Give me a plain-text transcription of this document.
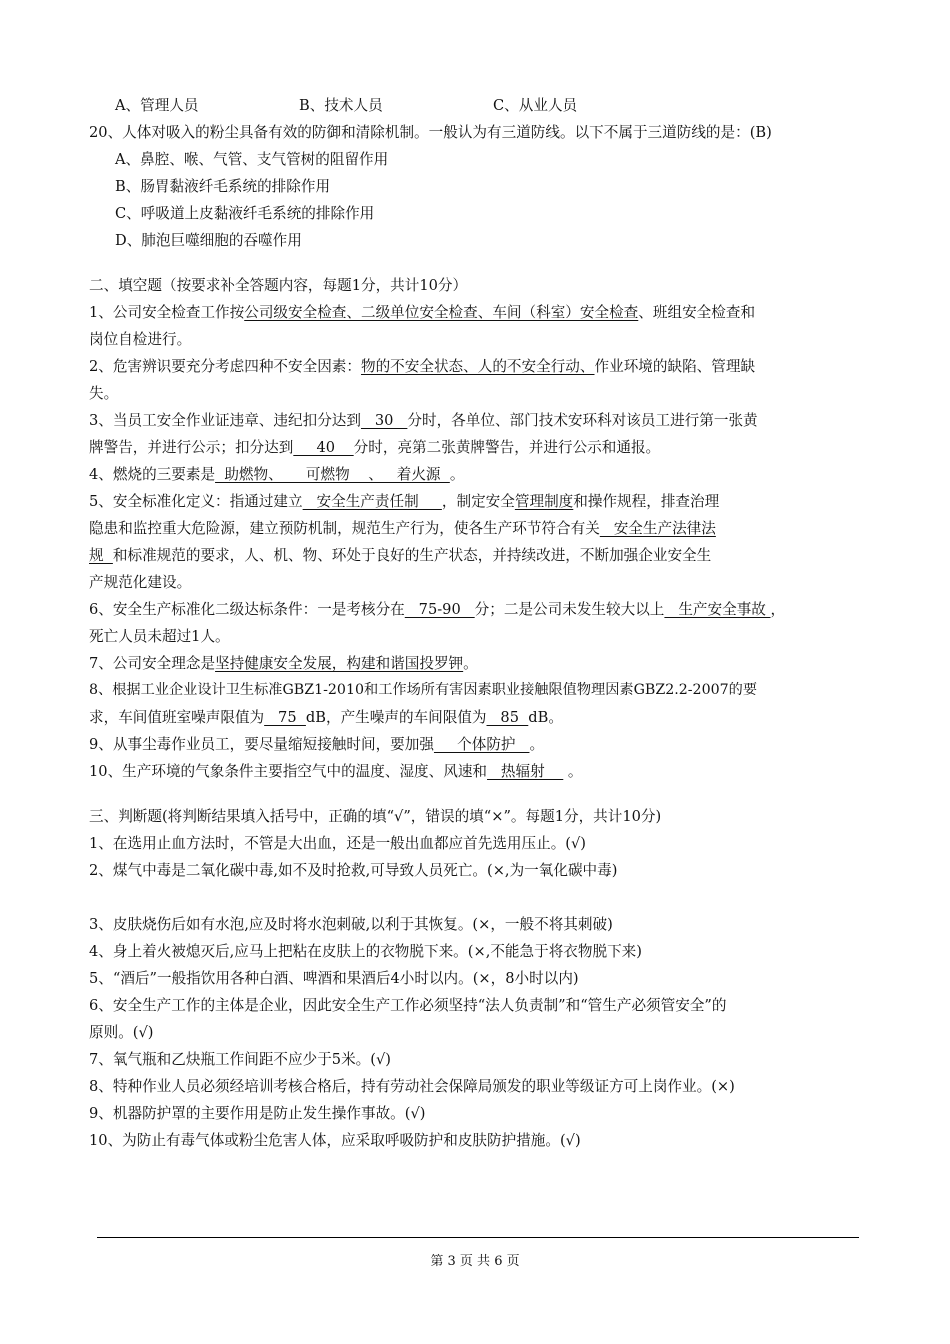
A、管理人员	B、技术人员	C、从业人员
20、人体对吸入的粉尘具备有效的防御和清除机制。一般认为有三道防线。以下不属于三道防线的是：(B)
A、鼻腔、喉、气管、支气管树的阻留作用
B、肠胃黏液纤毛系统的排除作用
C、呼吸道上皮黏液纤毛系统的排除作用
D、肺泡巨噬细胞的吞噬作用
二、填空题（按要求补全答题内容，每题1分，共计10分）
1、公司安全检查工作按公司级安全检查、二级单位安全检查、车间（科室）安全检查、班组安全检查和
岗位自检进行。
2、危害辨识要充分考虑四种不安全因素：物的不安全状态、人的不安全行动、作业环境的缺陷、管理缺
失。
3、当员工安全作业证违章、违纪扣分达到   30   分时，各单位、部门技术安环科对该员工进行第一张黄
牌警告，并进行公示；扣分达到     40    分时，亮第二张黄牌警告，并进行公示和通报。
4、燃烧的三要素是  助燃物、     可燃物    、   着火源  。
5、安全标准化定义：指通过建立   安全生产责任制     ，制定安全管理制度和操作规程，排查治理
隐患和监控重大危险源，建立预防机制，规范生产行为，使各生产环节符合有关   安全生产法律法
规  和标准规范的要求，人、机、物、环处于良好的生产状态，并持续改进，不断加强企业安全生
产规范化建设。
6、安全生产标准化二级达标条件：一是考核分在   75-90   分；二是公司未发生较大以上   生产安全事故 ，
死亡人员未超过1人。
7、公司安全理念是坚持健康安全发展，构建和谐国投罗钾。
8、根据工业企业设计卫生标准GBZ1-2010和工作场所有害因素职业接触限值物理因素GBZ2.2-2007的要
求，车间值班室噪声限值为   75  dB，产生噪声的车间限值为   85  dB。
9、从事尘毒作业员工，要尽量缩短接触时间，要加强     个体防护   。
10、生产环境的气象条件主要指空气中的温度、湿度、风速和   热辐射     。
三、判断题(将判断结果填入括号中，正确的填“√”，错误的填“×”。每题1分，共计10分)
1、在选用止血方法时，不管是大出血，还是一般出血都应首先选用压止。(√)
2、煤气中毒是二氧化碳中毒,如不及时抢救,可导致人员死亡。(×,为一氧化碳中毒)
3、皮肤烧伤后如有水泡,应及时将水泡刺破,以利于其恢复。(×，一般不将其刺破)
4、身上着火被熄灭后,应马上把粘在皮肤上的衣物脱下来。(×,不能急于将衣物脱下来)
5、“酒后”一般指饮用各种白酒、啤酒和果酒后4小时以内。(×，8小时以内)
6、安全生产工作的主体是企业，因此安全生产工作必须坚持“法人负责制”和“管生产必须管安全”的
原则。(√)
7、氧气瓶和乙炔瓶工作间距不应少于5米。(√)
8、特种作业人员必须经培训考核合格后，持有劳动社会保障局颁发的职业等级证方可上岗作业。(×)
9、机器防护罩的主要作用是防止发生操作事故。(√)
10、为防止有毒气体或粉尘危害人体，应采取呼吸防护和皮肤防护措施。(√)
第 3 页 共 6 页
